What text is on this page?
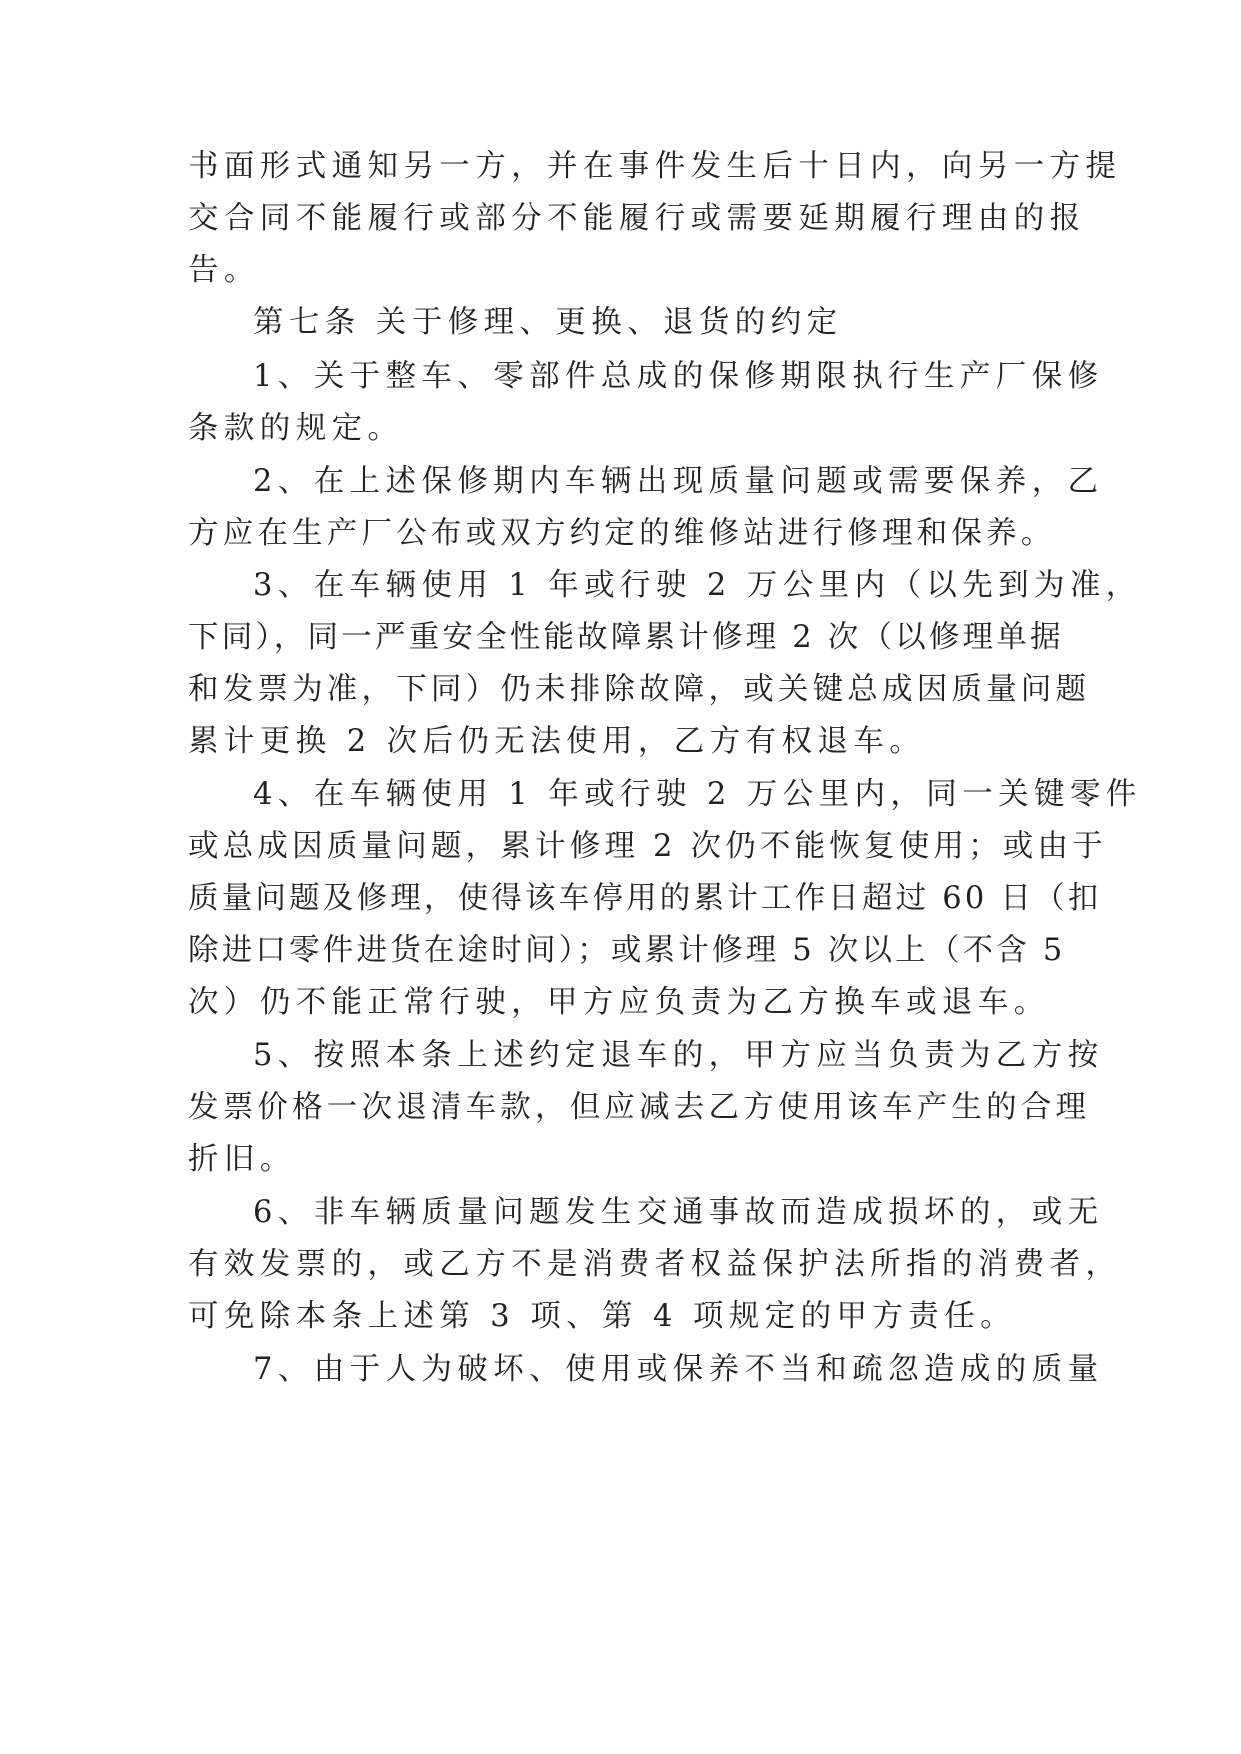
书面形式通知另一方，并在事件发生后十日内，向另一方提

交合同不能履行或部分不能履行或需要延期履行理由的报

告。

第七条 关于修理、更换、退货的约定

1、关于整车、零部件总成的保修期限执行生产厂保修

条款的规定。

2、在上述保修期内车辆出现质量问题或需要保养，乙

方应在生产厂公布或双方约定的维修站进行修理和保养。

3、在车辆使用 1 年或行驶 2 万公里内（以先到为准，

下同），同一严重安全性能故障累计修理 2 次（以修理单据

和发票为准，下同）仍未排除故障，或关键总成因质量问题

累计更换 2 次后仍无法使用，乙方有权退车。

4、在车辆使用 1 年或行驶 2 万公里内，同一关键零件

或总成因质量问题，累计修理 2 次仍不能恢复使用；或由于

质量问题及修理，使得该车停用的累计工作日超过 60 日（扣

除进口零件进货在途时间）；或累计修理 5 次以上（不含 5

次）仍不能正常行驶，甲方应负责为乙方换车或退车。

5、按照本条上述约定退车的，甲方应当负责为乙方按

发票价格一次退清车款，但应减去乙方使用该车产生的合理

折旧。

6、非车辆质量问题发生交通事故而造成损坏的，或无

有效发票的，或乙方不是消费者权益保护法所指的消费者，

可免除本条上述第 3 项、第 4 项规定的甲方责任。

7、由于人为破坏、使用或保养不当和疏忽造成的质量
